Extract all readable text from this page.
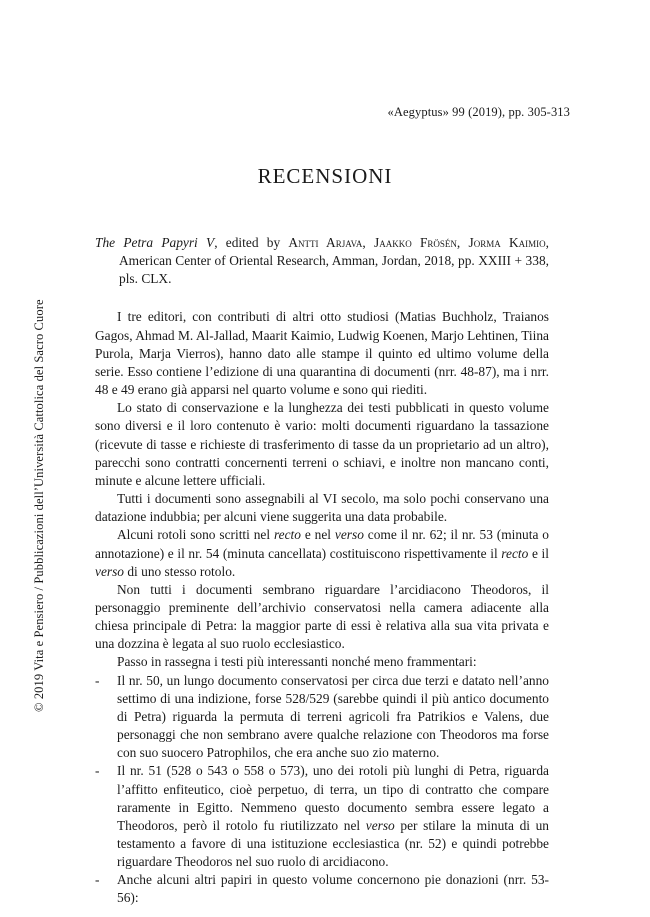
«Aegyptus» 99 (2019), pp. 305-313
RECENSIONI
© 2019 Vita e Pensiero / Pubblicazioni dell’Università Cattolica del Sacro Cuore

The Petra Papyri V, edited by Antti Arjava, Jaakko Frösén, Jorma Kaimio, American Center of Oriental Research, Amman, Jordan, 2018, pp. XXIII + 338, pls. CLX.

I tre editori, con contributi di altri otto studiosi (Matias Buchholz, Traianos Gagos, Ahmad M. Al-Jallad, Maarit Kaimio, Ludwig Koenen, Marjo Lehtinen, Tiina Purola, Marja Vierros), hanno dato alle stampe il quinto ed ultimo volume della serie. Esso contiene l’edizione di una quarantina di documenti (nrr. 48-87), ma i nrr. 48 e 49 erano già apparsi nel quarto volume e sono qui riediti.

Lo stato di conservazione e la lunghezza dei testi pubblicati in questo volume sono diversi e il loro contenuto è vario: molti documenti riguardano la tassazione (ricevute di tasse e richieste di trasferimento di tasse da un proprietario ad un altro), parecchi sono contratti concernenti terreni o schiavi, e inoltre non mancano conti, minute e alcune lettere ufficiali.

Tutti i documenti sono assegnabili al VI secolo, ma solo pochi conservano una datazione indubbia; per alcuni viene suggerita una data probabile.

Alcuni rotoli sono scritti nel recto e nel verso come il nr. 62; il nr. 53 (minuta o annotazione) e il nr. 54 (minuta cancellata) costituiscono rispettivamente il recto e il verso di uno stesso rotolo.

Non tutti i documenti sembrano riguardare l’arcidiacono Theodoros, il personaggio preminente dell’archivio conservatosi nella camera adiacente alla chiesa principale di Petra: la maggior parte di essi è relativa alla sua vita privata e una dozzina è legata al suo ruolo ecclesiastico.

Passo in rassegna i testi più interessanti nonché meno frammentari:

- Il nr. 50, un lungo documento conservatosi per circa due terzi e datato nell’anno settimo di una indizione, forse 528/529 (sarebbe quindi il più antico documento di Petra) riguarda la permuta di terreni agricoli fra Patrikios e Valens, due personaggi che non sembrano avere qualche relazione con Theodoros ma forse con suo suocero Patrophilos, che era anche suo zio materno.

- Il nr. 51 (528 o 543 o 558 o 573), uno dei rotoli più lunghi di Petra, riguarda l’affitto enfiteutico, cioè perpetuo, di terra, un tipo di contratto che compare raramente in Egitto. Nemmeno questo documento sembra essere legato a Theodoros, però il rotolo fu riutilizzato nel verso per stilare la minuta di un testamento a favore di una istituzione ecclesiastica (nr. 52) e quindi potrebbe riguardare Theodoros nel suo ruolo di arcidiacono.

- Anche alcuni altri papiri in questo volume concernono pie donazioni (nrr. 53-56):
